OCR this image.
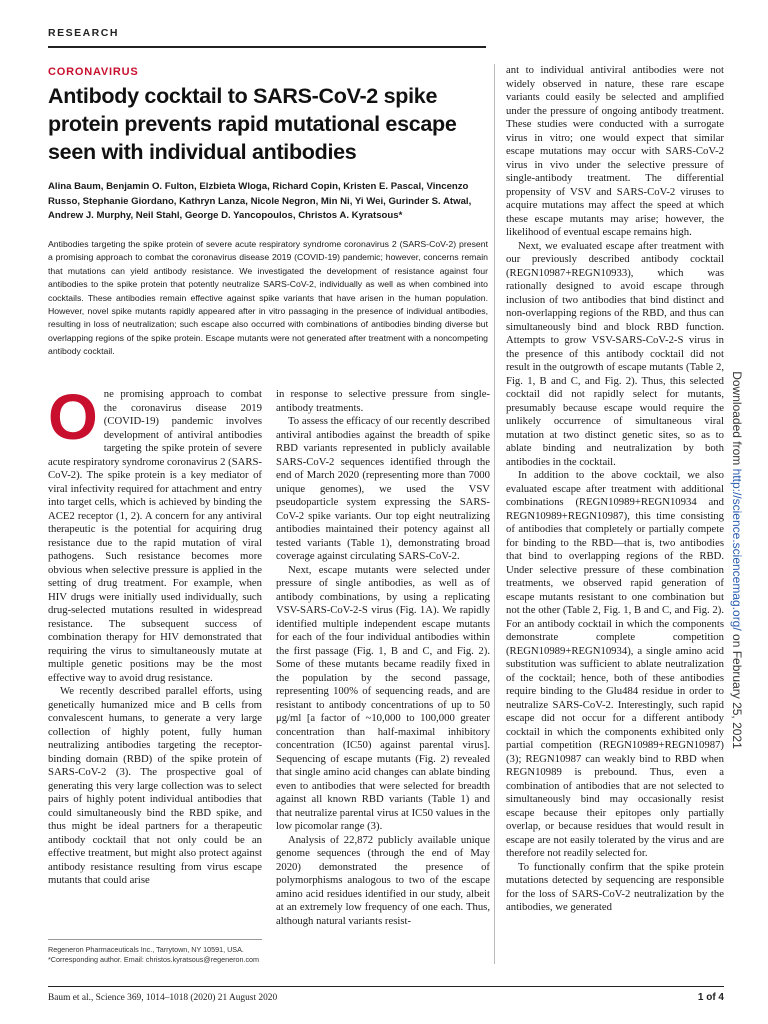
RESEARCH
CORONAVIRUS
Antibody cocktail to SARS-CoV-2 spike protein prevents rapid mutational escape seen with individual antibodies
Alina Baum, Benjamin O. Fulton, Elzbieta Wloga, Richard Copin, Kristen E. Pascal, Vincenzo Russo, Stephanie Giordano, Kathryn Lanza, Nicole Negron, Min Ni, Yi Wei, Gurinder S. Atwal, Andrew J. Murphy, Neil Stahl, George D. Yancopoulos, Christos A. Kyratsous*
Antibodies targeting the spike protein of severe acute respiratory syndrome coronavirus 2 (SARS-CoV-2) present a promising approach to combat the coronavirus disease 2019 (COVID-19) pandemic; however, concerns remain that mutations can yield antibody resistance. We investigated the development of resistance against four antibodies to the spike protein that potently neutralize SARS-CoV-2, individually as well as when combined into cocktails. These antibodies remain effective against spike variants that have arisen in the human population. However, novel spike mutants rapidly appeared after in vitro passaging in the presence of individual antibodies, resulting in loss of neutralization; such escape also occurred with combinations of antibodies binding diverse but overlapping regions of the spike protein. Escape mutants were not generated after treatment with a noncompeting antibody cocktail.

One promising approach to combat the coronavirus disease 2019 (COVID-19) pandemic involves development of antiviral antibodies targeting the spike protein of severe acute respiratory syndrome coronavirus 2 (SARS-CoV-2). The spike protein is a key mediator of viral infectivity required for attachment and entry into target cells, which is achieved by binding the ACE2 receptor (1, 2). A concern for any antiviral therapeutic is the potential for acquiring drug resistance due to the rapid mutation of viral pathogens. Such resistance becomes more obvious when selective pressure is applied in the setting of drug treatment. For example, when HIV drugs were initially used individually, such drug-selected mutations resulted in widespread resistance. The subsequent success of combination therapy for HIV demonstrated that requiring the virus to simultaneously mutate at multiple genetic positions may be the most effective way to avoid drug resistance.

We recently described parallel efforts, using genetically humanized mice and B cells from convalescent humans, to generate a very large collection of highly potent, fully human neutralizing antibodies targeting the receptor-binding domain (RBD) of the spike protein of SARS-CoV-2 (3). The prospective goal of generating this very large collection was to select pairs of highly potent individual antibodies that could simultaneously bind the RBD spike, and thus might be ideal partners for a therapeutic antibody cocktail that not only could be an effective treatment, but might also protect against antibody resistance resulting from virus escape mutants that could arise

in response to selective pressure from single-antibody treatments.

To assess the efficacy of our recently described antiviral antibodies against the breadth of spike RBD variants represented in publicly available SARS-CoV-2 sequences identified through the end of March 2020 (representing more than 7000 unique genomes), we used the VSV pseudoparticle system expressing the SARS-CoV-2 spike variants. Our top eight neutralizing antibodies maintained their potency against all tested variants (Table 1), demonstrating broad coverage against circulating SARS-CoV-2.

Next, escape mutants were selected under pressure of single antibodies, as well as of antibody combinations, by using a replicating VSV-SARS-CoV-2-S virus (Fig. 1A). We rapidly identified multiple independent escape mutants for each of the four individual antibodies within the first passage (Fig. 1, B and C, and Fig. 2). Some of these mutants became readily fixed in the population by the second passage, representing 100% of sequencing reads, and are resistant to antibody concentrations of up to 50 μg/ml [a factor of ~10,000 to 100,000 greater concentration than half-maximal inhibitory concentration (IC50) against parental virus]. Sequencing of escape mutants (Fig. 2) revealed that single amino acid changes can ablate binding even to antibodies that were selected for breadth against all known RBD variants (Table 1) and that neutralize parental virus at IC50 values in the low picomolar range (3).

Analysis of 22,872 publicly available unique genome sequences (through the end of May 2020) demonstrated the presence of polymorphisms analogous to two of the escape amino acid residues identified in our study, albeit at an extremely low frequency of one each. Thus, although natural variants resist-

ant to individual antiviral antibodies were not widely observed in nature, these rare escape variants could easily be selected and amplified under the pressure of ongoing antibody treatment. These studies were conducted with a surrogate virus in vitro; one would expect that similar escape mutations may occur with SARS-CoV-2 virus in vivo under the selective pressure of single-antibody treatment. The differential propensity of VSV and SARS-CoV-2 viruses to acquire mutations may affect the speed at which these escape mutants may arise; however, the likelihood of eventual escape remains high.

Next, we evaluated escape after treatment with our previously described antibody cocktail (REGN10987+REGN10933), which was rationally designed to avoid escape through inclusion of two antibodies that bind distinct and non-overlapping regions of the RBD, and thus can simultaneously bind and block RBD function. Attempts to grow VSV-SARS-CoV-2-S virus in the presence of this antibody cocktail did not result in the outgrowth of escape mutants (Table 2, Fig. 1, B and C, and Fig. 2). Thus, this selected cocktail did not rapidly select for mutants, presumably because escape would require the unlikely occurrence of simultaneous viral mutation at two distinct genetic sites, so as to ablate binding and neutralization by both antibodies in the cocktail.

In addition to the above cocktail, we also evaluated escape after treatment with additional combinations (REGN10989+REGN10934 and REGN10989+REGN10987), this time consisting of antibodies that completely or partially compete for binding to the RBD—that is, two antibodies that bind to overlapping regions of the RBD. Under selective pressure of these combination treatments, we observed rapid generation of escape mutants resistant to one combination but not the other (Table 2, Fig. 1, B and C, and Fig. 2). For an antibody cocktail in which the components demonstrate complete competition (REGN10989+REGN10934), a single amino acid substitution was sufficient to ablate neutralization of the cocktail; hence, both of these antibodies require binding to the Glu484 residue in order to neutralize SARS-CoV-2. Interestingly, such rapid escape did not occur for a different antibody cocktail in which the components exhibited only partial competition (REGN10989+REGN10987) (3); REGN10987 can weakly bind to RBD when REGN10989 is prebound. Thus, even a combination of antibodies that are not selected to simultaneously bind may occasionally resist escape because their epitopes only partially overlap, or because residues that would result in escape are not easily tolerated by the virus and are therefore not readily selected for.

To functionally confirm that the spike protein mutations detected by sequencing are responsible for the loss of SARS-CoV-2 neutralization by the antibodies, we generated

Regeneron Pharmaceuticals Inc., Tarrytown, NY 10591, USA.
*Corresponding author. Email: christos.kyratsous@regeneron.com
Baum et al., Science 369, 1014–1018 (2020) 21 August 2020	1 of 4
Downloaded from http://science.sciencemag.org/ on February 25, 2021
